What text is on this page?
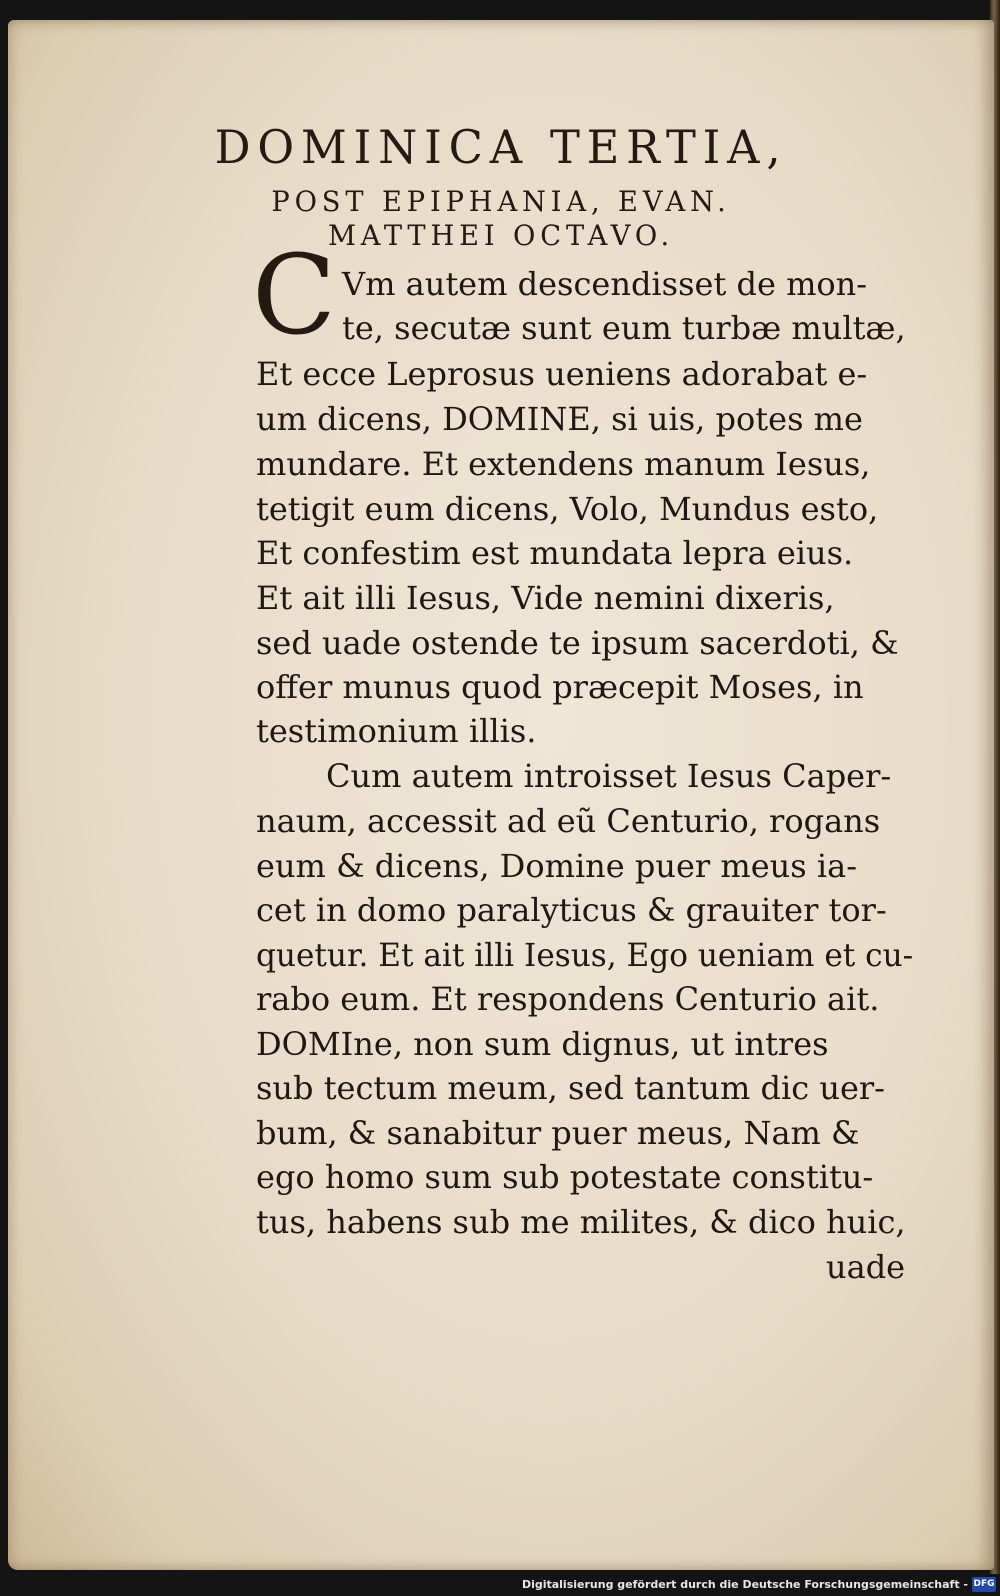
DOMINICA TERTIA,
POST EPIPHANIA, EVAN.
MATTHEI OCTAVO.
C Vm autem descendisset de mon-
te, secutæ sunt eum turbæ multæ,
Et ecce Leprosus ueniens adorabat e-
um dicens, DOMINE, si uis, potes me
mundare. Et extendens manum Iesus,
tetigit eum dicens, Volo, Mundus esto,
Et confestim est mundata lepra eius.
Et ait illi Iesus, Vide nemini dixeris,
sed uade ostende te ipsum sacerdoti, &
offer munus quod præcepit Moses, in
testimonium illis.
Cum autem introisset Iesus Caper-
naum, accessit ad eũ Centurio, rogans
eum & dicens, Domine puer meus ia-
cet in domo paralyticus & grauiter tor-
quetur. Et ait illi Iesus, Ego ueniam et cu-
rabo eum. Et respondens Centurio ait.
DOMIne, non sum dignus, ut intres
sub tectum meum, sed tantum dic uer-
bum, & sanabitur puer meus, Nam &
ego homo sum sub potestate constitu-
tus, habens sub me milites, & dico huic,
uade
Digitalisierung gefördert durch die Deutsche Forschungsgemeinschaft - DFG
